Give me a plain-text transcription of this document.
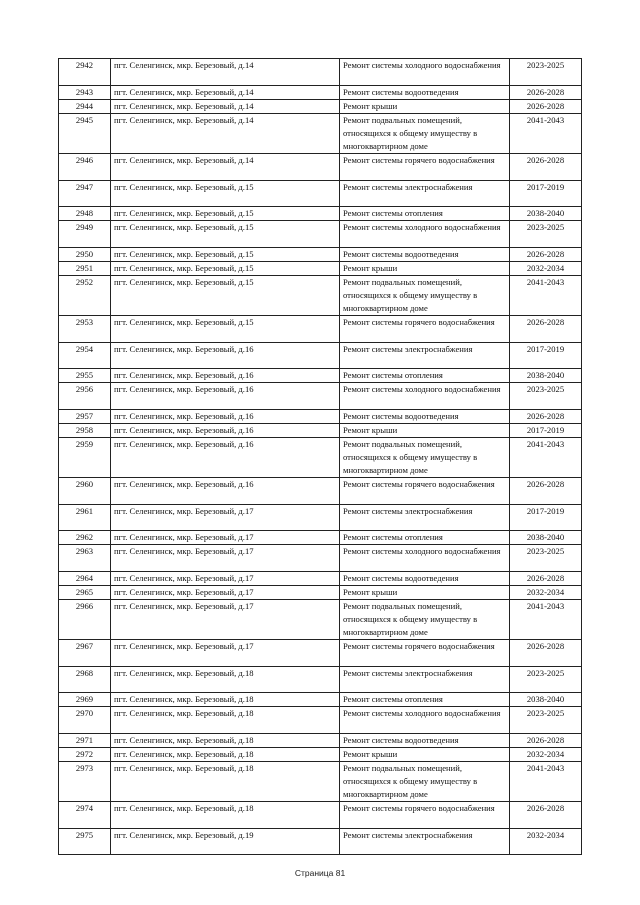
2942	пгт. Селенгинск, мкр. Березовый, д.14	Ремонт системы холодного водоснабжения	2023-2025
2943	пгт. Селенгинск, мкр. Березовый, д.14	Ремонт системы водоотведения	2026-2028
2944	пгт. Селенгинск, мкр. Березовый, д.14	Ремонт крыши	2026-2028
2945	пгт. Селенгинск, мкр. Березовый, д.14	Ремонт подвальных помещений, относящихся к общему имуществу в многоквартирном доме	2041-2043
2946	пгт. Селенгинск, мкр. Березовый, д.14	Ремонт системы горячего водоснабжения	2026-2028
2947	пгт. Селенгинск, мкр. Березовый, д.15	Ремонт системы электроснабжения	2017-2019
2948	пгт. Селенгинск, мкр. Березовый, д.15	Ремонт системы отопления	2038-2040
2949	пгт. Селенгинск, мкр. Березовый, д.15	Ремонт системы холодного водоснабжения	2023-2025
2950	пгт. Селенгинск, мкр. Березовый, д.15	Ремонт системы водоотведения	2026-2028
2951	пгт. Селенгинск, мкр. Березовый, д.15	Ремонт крыши	2032-2034
2952	пгт. Селенгинск, мкр. Березовый, д.15	Ремонт подвальных помещений, относящихся к общему имуществу в многоквартирном доме	2041-2043
2953	пгт. Селенгинск, мкр. Березовый, д.15	Ремонт системы горячего водоснабжения	2026-2028
2954	пгт. Селенгинск, мкр. Березовый, д.16	Ремонт системы электроснабжения	2017-2019
2955	пгт. Селенгинск, мкр. Березовый, д.16	Ремонт системы отопления	2038-2040
2956	пгт. Селенгинск, мкр. Березовый, д.16	Ремонт системы холодного водоснабжения	2023-2025
2957	пгт. Селенгинск, мкр. Березовый, д.16	Ремонт системы водоотведения	2026-2028
2958	пгт. Селенгинск, мкр. Березовый, д.16	Ремонт крыши	2017-2019
2959	пгт. Селенгинск, мкр. Березовый, д.16	Ремонт подвальных помещений, относящихся к общему имуществу в многоквартирном доме	2041-2043
2960	пгт. Селенгинск, мкр. Березовый, д.16	Ремонт системы горячего водоснабжения	2026-2028
2961	пгт. Селенгинск, мкр. Березовый, д.17	Ремонт системы электроснабжения	2017-2019
2962	пгт. Селенгинск, мкр. Березовый, д.17	Ремонт системы отопления	2038-2040
2963	пгт. Селенгинск, мкр. Березовый, д.17	Ремонт системы холодного водоснабжения	2023-2025
2964	пгт. Селенгинск, мкр. Березовый, д.17	Ремонт системы водоотведения	2026-2028
2965	пгт. Селенгинск, мкр. Березовый, д.17	Ремонт крыши	2032-2034
2966	пгт. Селенгинск, мкр. Березовый, д.17	Ремонт подвальных помещений, относящихся к общему имуществу в многоквартирном доме	2041-2043
2967	пгт. Селенгинск, мкр. Березовый, д.17	Ремонт системы горячего водоснабжения	2026-2028
2968	пгт. Селенгинск, мкр. Березовый, д.18	Ремонт системы электроснабжения	2023-2025
2969	пгт. Селенгинск, мкр. Березовый, д.18	Ремонт системы отопления	2038-2040
2970	пгт. Селенгинск, мкр. Березовый, д.18	Ремонт системы холодного водоснабжения	2023-2025
2971	пгт. Селенгинск, мкр. Березовый, д.18	Ремонт системы водоотведения	2026-2028
2972	пгт. Селенгинск, мкр. Березовый, д.18	Ремонт крыши	2032-2034
2973	пгт. Селенгинск, мкр. Березовый, д.18	Ремонт подвальных помещений, относящихся к общему имуществу в многоквартирном доме	2041-2043
2974	пгт. Селенгинск, мкр. Березовый, д.18	Ремонт системы горячего водоснабжения	2026-2028
2975	пгт. Селенгинск, мкр. Березовый, д.19	Ремонт системы электроснабжения	2032-2034
Страница 81
